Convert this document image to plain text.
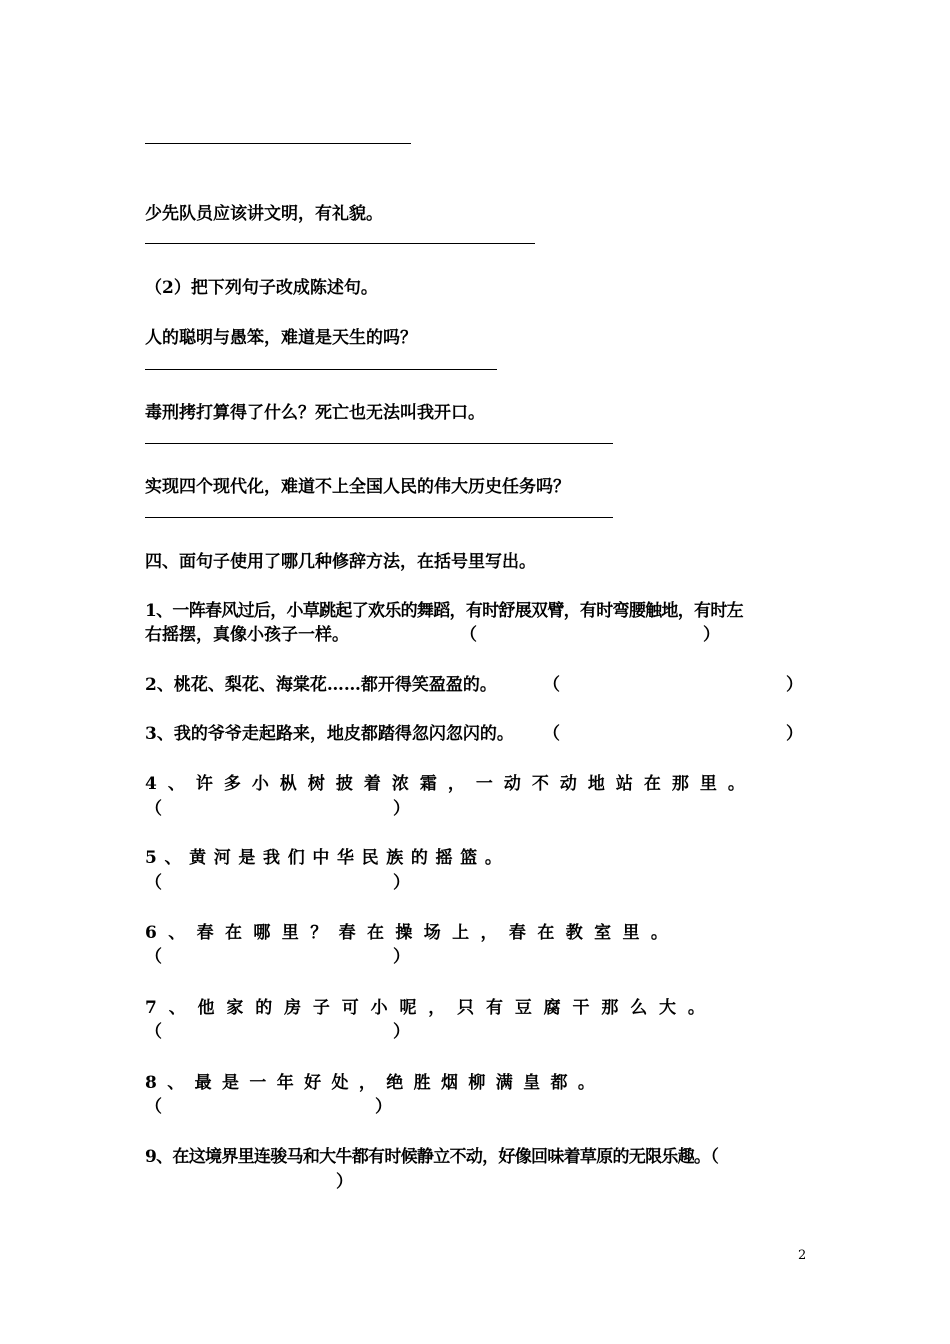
少先队员应该讲文明，有礼貌。

（2）把下列句子改成陈述句。

人的聪明与愚笨，难道是天生的吗？

毒刑拷打算得了什么？死亡也无法叫我开口。

实现四个现代化，难道不上全国人民的伟大历史任务吗？

四、面句子使用了哪几种修辞方法，在括号里写出。

1、一阵春风过后，小草跳起了欢乐的舞蹈，有时舒展双臂，有时弯腰触地，有时左

右摇摆，真像小孩子一样。	（	）

2、桃花、梨花、海棠花……都开得笑盈盈的。	（	）

3、我的爷爷走起路来，地皮都踏得忽闪忽闪的。 （	）
4 、 许 多 小 枞 树 披 着 浓 霜 ， 一 动 不 动 地 站 在 那 里 。
（	）
5 、 黄 河 是 我 们 中 华 民 族 的 摇 篮 。
（	）
6 、 春 在 哪 里 ？ 春 在 操 场 上 ， 春 在 教 室 里 。
（	）
7 、 他 家 的 房 子 可 小 呢 ， 只 有 豆 腐 干 那 么 大 。
（	）
8 、 最 是 一 年 好 处 ， 绝 胜 烟 柳 满 皇 都 。
（	）

9、在这境界里连骏马和大牛都有时候静立不动，好像回味着草原的无限乐趣。（

）
2
